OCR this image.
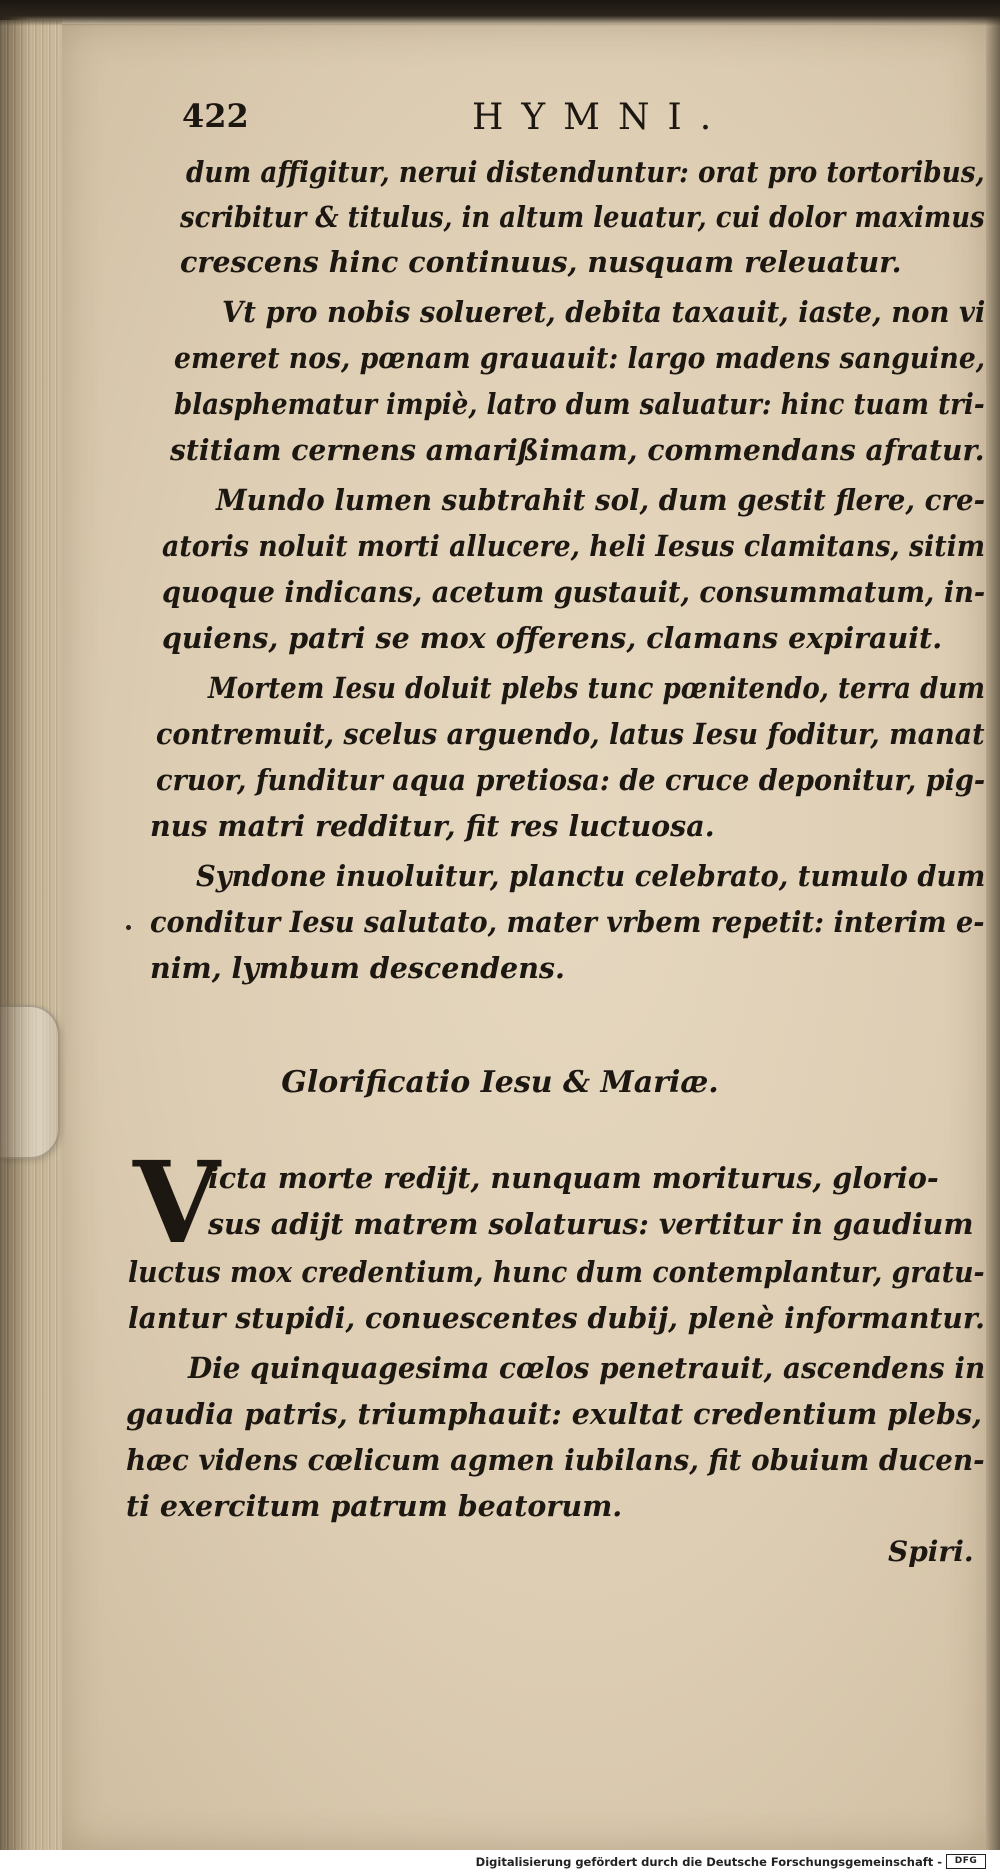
422	HYMNI.
dum affigitur, nerui distenduntur: orat pro tortoribus,
scribitur & titulus, in altum leuatur, cui dolor maximus
crescens hinc continuus, nusquam releuatur.
Vt pro nobis solueret, debita taxauit, iaste, non vi
emeret nos, pœnam grauauit: largo madens sanguine,
blasphematur impiè, latro dum saluatur: hinc tuam tri-
stitiam cernens amarißimam, commendans afratur.
Mundo lumen subtrahit sol, dum gestit flere, cre-
atoris noluit morti allucere, heli Iesus clamitans, sitim
quoque indicans, acetum gustauit, consummatum, in-
quiens, patri se mox offerens, clamans expirauit.
Mortem Iesu doluit plebs tunc pœnitendo, terra dum
contremuit, scelus arguendo, latus Iesu foditur, manat
cruor, funditur aqua pretiosa: de cruce deponitur, pig-
nus matri redditur, fit res luctuosa.
Syndone inuoluitur, planctu celebrato, tumulo dum
conditur Iesu salutato, mater vrbem repetit: interim e-
nim, lymbum descendens.
Glorificatio Iesu & Mariæ.
V
icta morte redijt, nunquam moriturus, glorio-
sus adijt matrem solaturus: vertitur in gaudium
luctus mox credentium, hunc dum contemplantur, gratu-
lantur stupidi, conuescentes dubij, plenè informantur.
Die quinquagesima cœlos penetrauit, ascendens in
gaudia patris, triumphauit: exultat credentium plebs,
hæc videns cœlicum agmen iubilans, fit obuium ducen-
ti exercitum patrum beatorum.
Spiri.
Digitalisierung gefördert durch die Deutsche Forschungsgemeinschaft -	DFG
